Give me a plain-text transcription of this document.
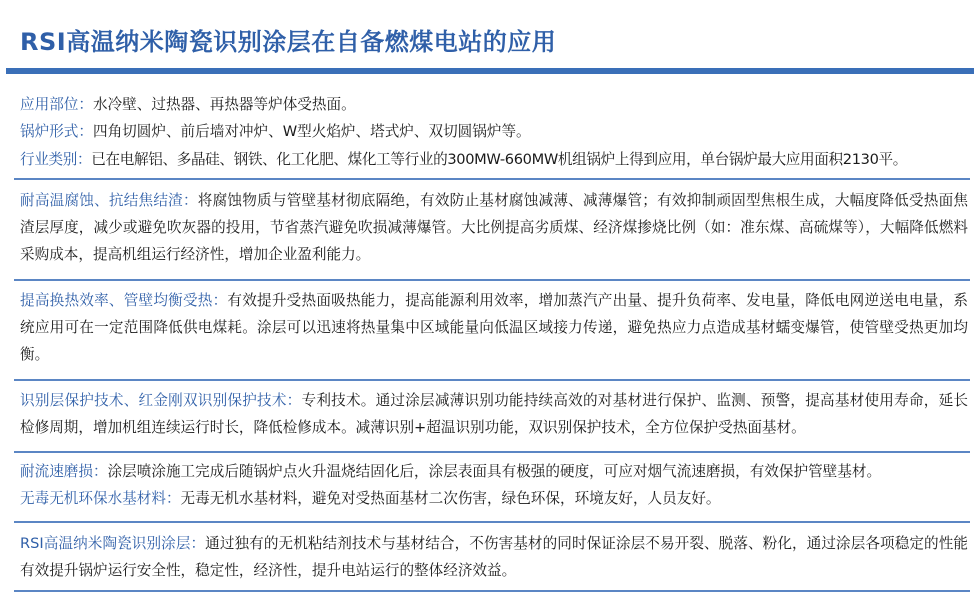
RSI高温纳米陶瓷识别涂层在自备燃煤电站的应用
应用部位：水冷壁、过热器、再热器等炉体受热面。
锅炉形式：四角切圆炉、前后墙对冲炉、W型火焰炉、塔式炉、双切圆锅炉等。
行业类别：已在电解铝、多晶硅、钢铁、化工化肥、煤化工等行业的300MW-660MW机组锅炉上得到应用，单台锅炉最大应用面积2130平。
耐高温腐蚀、抗结焦结渣：将腐蚀物质与管壁基材彻底隔绝，有效防止基材腐蚀减薄、减薄爆管；有效抑制顽固型焦根生成，大幅度降低受热面焦渣层厚度，减少或避免吹灰器的投用，节省蒸汽避免吹损减薄爆管。大比例提高劣质煤、经济煤掺烧比例（如：准东煤、高硫煤等），大幅降低燃料采购成本，提高机组运行经济性，增加企业盈利能力。
提高换热效率、管壁均衡受热：有效提升受热面吸热能力，提高能源利用效率，增加蒸汽产出量、提升负荷率、发电量，降低电网逆送电电量，系统应用可在一定范围降低供电煤耗。涂层可以迅速将热量集中区域能量向低温区域接力传递，避免热应力点造成基材蠕变爆管，使管壁受热更加均衡。
识别层保护技术、红金刚双识别保护技术：专利技术。通过涂层减薄识别功能持续高效的对基材进行保护、监测、预警，提高基材使用寿命，延长检修周期，增加机组连续运行时长，降低检修成本。减薄识别+超温识别功能，双识别保护技术，全方位保护受热面基材。
耐流速磨损：涂层喷涂施工完成后随锅炉点火升温烧结固化后，涂层表面具有极强的硬度，可应对烟气流速磨损，有效保护管壁基材。
无毒无机环保水基材料：无毒无机水基材料，避免对受热面基材二次伤害，绿色环保，环境友好，人员友好。
RSI高温纳米陶瓷识别涂层：通过独有的无机粘结剂技术与基材结合，不伤害基材的同时保证涂层不易开裂、脱落、粉化，通过涂层各项稳定的性能有效提升锅炉运行安全性，稳定性，经济性，提升电站运行的整体经济效益。
